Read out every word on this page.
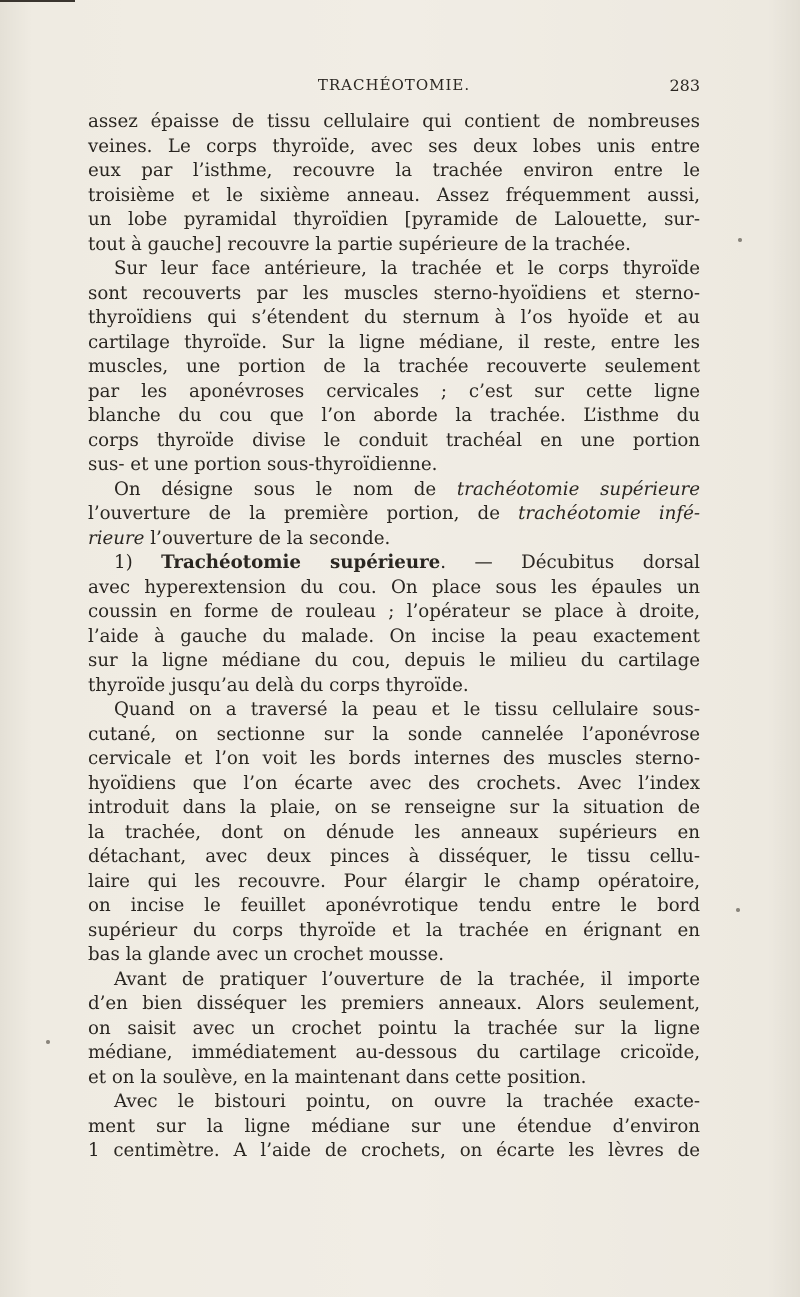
TRACHÉOTOMIE.	283
assez épaisse de tissu cellulaire qui contient de nombreuses
veines. Le corps thyroïde, avec ses deux lobes unis entre
eux par l’isthme, recouvre la trachée environ entre le
troisième et le sixième anneau. Assez fréquemment aussi,
un lobe pyramidal thyroïdien [pyramide de Lalouette, sur-
tout à gauche] recouvre la partie supérieure de la trachée.
Sur leur face antérieure, la trachée et le corps thyroïde
sont recouverts par les muscles sterno-hyoïdiens et sterno-
thyroïdiens qui s’étendent du sternum à l’os hyoïde et au
cartilage thyroïde. Sur la ligne médiane, il reste, entre les
muscles, une portion de la trachée recouverte seulement
par les aponévroses cervicales ; c’est sur cette ligne
blanche du cou que l’on aborde la trachée. L’isthme du
corps thyroïde divise le conduit trachéal en une portion
sus- et une portion sous-thyroïdienne.
On désigne sous le nom de trachéotomie supérieure
l’ouverture de la première portion, de trachéotomie infé-
rieure l’ouverture de la seconde.
1) Trachéotomie supérieure. — Décubitus dorsal
avec hyperextension du cou. On place sous les épaules un
coussin en forme de rouleau ; l’opérateur se place à droite,
l’aide à gauche du malade. On incise la peau exactement
sur la ligne médiane du cou, depuis le milieu du cartilage
thyroïde jusqu’au delà du corps thyroïde.
Quand on a traversé la peau et le tissu cellulaire sous-
cutané, on sectionne sur la sonde cannelée l’aponévrose
cervicale et l’on voit les bords internes des muscles sterno-
hyoïdiens que l’on écarte avec des crochets. Avec l’index
introduit dans la plaie, on se renseigne sur la situation de
la trachée, dont on dénude les anneaux supérieurs en
détachant, avec deux pinces à disséquer, le tissu cellu-
laire qui les recouvre. Pour élargir le champ opératoire,
on incise le feuillet aponévrotique tendu entre le bord
supérieur du corps thyroïde et la trachée en érignant en
bas la glande avec un crochet mousse.
Avant de pratiquer l’ouverture de la trachée, il importe
d’en bien disséquer les premiers anneaux. Alors seulement,
on saisit avec un crochet pointu la trachée sur la ligne
médiane, immédiatement au-dessous du cartilage cricoïde,
et on la soulève, en la maintenant dans cette position.
Avec le bistouri pointu, on ouvre la trachée exacte-
ment sur la ligne médiane sur une étendue d’environ
1 centimètre. A l’aide de crochets, on écarte les lèvres de
